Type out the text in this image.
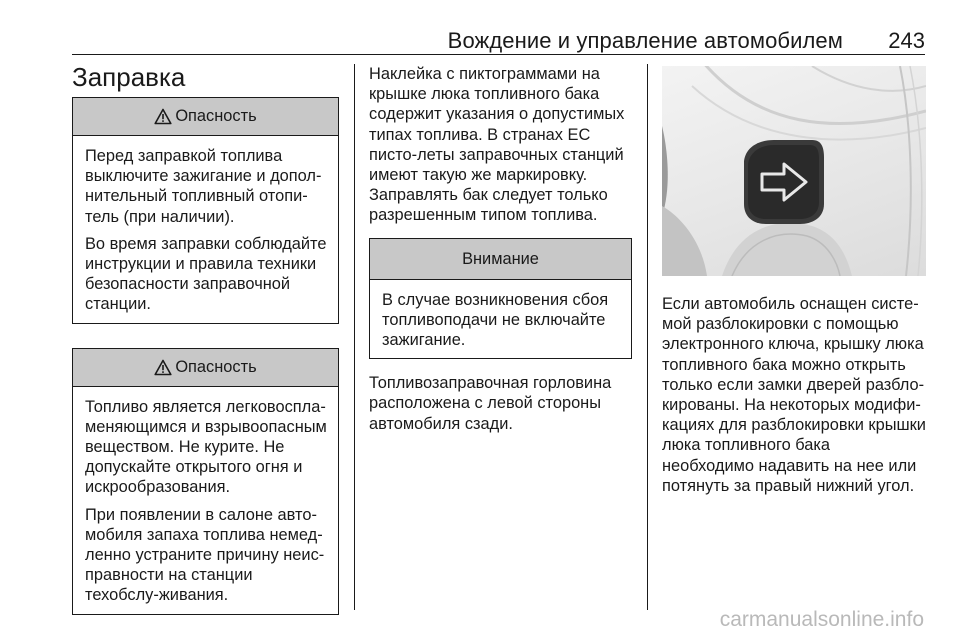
Вождение и управление автомобилем 243
Заправка
Опасность

Перед заправкой топлива выключите зажигание и допол-нительный топливный отопи-тель (при наличии).

Во время заправки соблюдайте инструкции и правила техники безопасности заправочной станции.

Опасность

Топливо является легковоспла-меняющимся и взрывоопасным веществом. Не курите. Не допускайте открытого огня и искрообразования.

При появлении в салоне авто-мобиля запаха топлива немед-ленно устраните причину неис-правности на станции техобслу-живания.

Наклейка с пиктограммами на крышке люка топливного бака содержит указания о допустимых типах топлива. В странах ЕС писто-леты заправочных станций имеют такую же маркировку. Заправлять бак следует только разрешенным типом топлива.

Внимание

В случае возникновения сбоя топливоподачи не включайте зажигание.

Топливозаправочная горловина расположена с левой стороны автомобиля сзади.

Если автомобиль оснащен систе-мой разблокировки с помощью электронного ключа, крышку люка топливного бака можно открыть только если замки дверей разбло-кированы. На некоторых модифи-кациях для разблокировки крышки люка топливного бака необходимо надавить на нее или потянуть за правый нижний угол.

carmanualsonline.info
